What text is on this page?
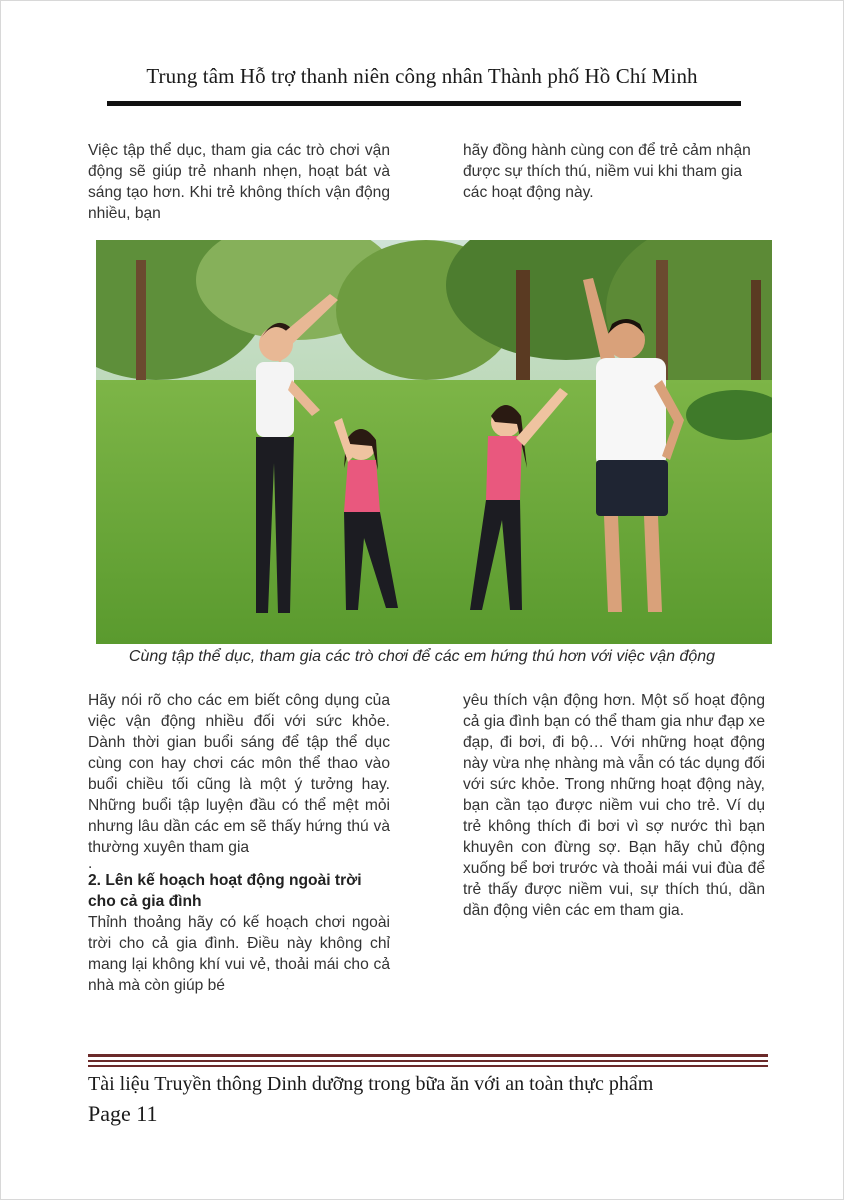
Trung tâm Hỗ trợ thanh niên công nhân Thành phố Hồ Chí Minh

Việc tập thể dục, tham gia các trò chơi vận động sẽ giúp trẻ nhanh nhẹn, hoạt bát và sáng tạo hơn. Khi trẻ không thích vận động nhiều, bạn

hãy đồng hành cùng con để trẻ cảm nhận được sự thích thú, niềm vui khi tham gia các hoạt động này.

Cùng tập thể dục, tham gia các trò chơi để các em hứng thú hơn với việc vận động

Hãy nói rõ cho các em biết công dụng của việc vận động nhiều đối với sức khỏe. Dành thời gian buổi sáng để tập thể dục cùng con hay chơi các môn thể thao vào buổi chiều tối cũng là một ý tưởng hay. Những buổi tập luyện đầu có thể mệt mỏi nhưng lâu dần các em sẽ thấy hứng thú và thường xuyên tham gia

.

2. Lên kế hoạch hoạt động ngoài trời cho cả gia đình

Thỉnh thoảng hãy có kế hoạch chơi ngoài trời cho cả gia đình. Điều này không chỉ mang lại không khí vui vẻ, thoải mái cho cả nhà mà còn giúp bé

yêu thích vận động hơn. Một số hoạt động cả gia đình bạn có thể tham gia như đạp xe đạp, đi bơi, đi bộ… Với những hoạt động này vừa nhẹ nhàng mà vẫn có tác dụng đối với sức khỏe. Trong những hoạt động này, bạn cần tạo được niềm vui cho trẻ. Ví dụ trẻ không thích đi bơi vì sợ nước thì bạn khuyên con đừng sợ. Bạn hãy chủ động xuống bể bơi trước và thoải mái vui đùa để trẻ thấy được niềm vui, sự thích thú, dần dần động viên các em tham gia.

Tài liệu Truyền thông Dinh dưỡng trong bữa ăn với an toàn thực phẩm
Page 11
